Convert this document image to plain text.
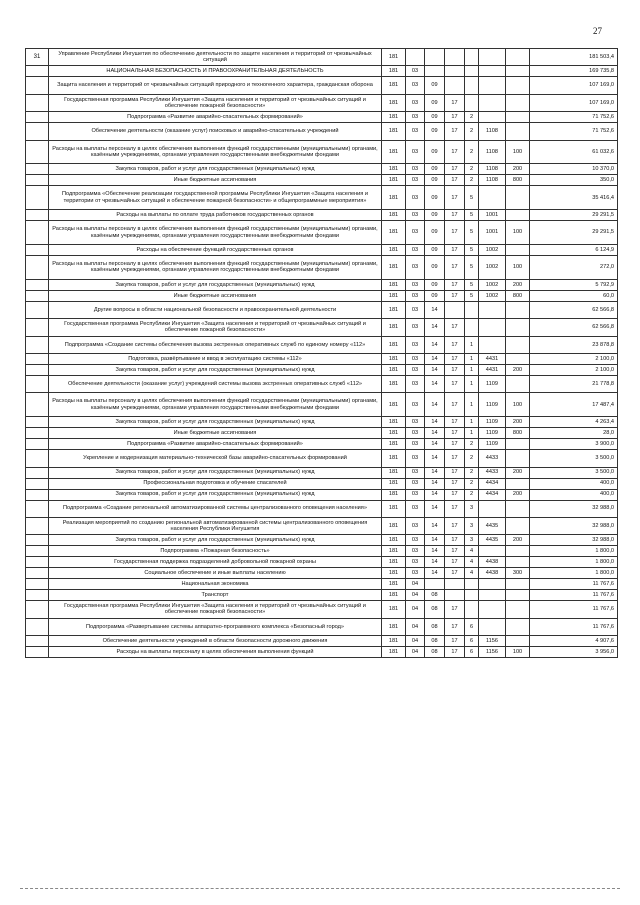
27
31	Управление Республики Ингушетия по обеспечению деятельности по защите населения и территорий от чрезвычайных ситуаций	181							181 503,4
	НАЦИОНАЛЬНАЯ БЕЗОПАСНОСТЬ И ПРАВООХРАНИТЕЛЬНАЯ ДЕЯТЕЛЬНОСТЬ	181	03						169 735,8
	Защита населения и территорий от чрезвычайных ситуаций природного и техногенного характера, гражданская оборона	181	03	09					107 169,0
	Государственная программа Республики Ингушетия «Защита населения и территорий от чрезвычайных ситуаций и обеспечение пожарной безопасности»	181	03	09	17				107 169,0
	Подпрограмма «Развитие аварийно-спасательных формирований»	181	03	09	17	2			71 752,6
	Обеспечение деятельности (оказание услуг) поисковых и аварийно-спасательных учреждений	181	03	09	17	2	1108		71 752,6
	Расходы на выплаты персоналу в целях обеспечения выполнения функций государственными (муниципальными) органами, казёнными учреждениями, органами управления государственными внебюджетными фондами	181	03	09	17	2	1108	100	61 032,6
	Закупка товаров, работ и услуг для государственных (муниципальных) нужд	181	03	09	17	2	1108	200	10 370,0
	Иные бюджетные ассигнования	181	03	09	17	2	1108	800	350,0
	Подпрограмма «Обеспечение реализации государственной программы Республики Ингушетия «Защита населения и территории от чрезвычайных ситуаций и обеспечение пожарной безопасности» и общепрограммные мероприятия»	181	03	09	17	5			35 416,4
	Расходы на выплаты по оплате труда работников государственных органов	181	03	09	17	5	1001		29 291,5
	Расходы на выплаты персоналу в целях обеспечения выполнения функций государственными (муниципальными) органами, казёнными учреждениями, органами управления государственными внебюджетными фондами	181	03	09	17	5	1001	100	29 291,5
	Расходы на обеспечение функций государственных органов	181	03	09	17	5	1002		6 124,9
	Расходы на выплаты персоналу в целях обеспечения выполнения функций государственными (муниципальными) органами, казёнными учреждениями, органами управления государственными внебюджетными фондами	181	03	09	17	5	1002	100	272,0
	Закупка товаров, работ и услуг для государственных (муниципальных) нужд	181	03	09	17	5	1002	200	5 792,9
	Иные бюджетные ассигнования	181	03	09	17	5	1002	800	60,0
	Другие вопросы в области национальной безопасности и правоохранительной деятельности	181	03	14					62 566,8
	Государственная программа Республики Ингушетия «Защита населения и территорий от чрезвычайных ситуаций и обеспечение пожарной безопасности»	181	03	14	17				62 566,8
	Подпрограмма «Создание системы обеспечения вызова экстренных оперативных служб по единому номеру «112»	181	03	14	17	1			23 878,8
	Подготовка, развёртывание и ввод в эксплуатацию системы «112»	181	03	14	17	1	4431		2 100,0
	Закупка товаров, работ и услуг для государственных (муниципальных) нужд	181	03	14	17	1	4431	200	2 100,0
	Обеспечение деятельности (оказание услуг) учреждений системы вызова экстренных оперативных служб «112»	181	03	14	17	1	1109		21 778,8
	Расходы на выплаты персоналу в целях обеспечения выполнения функций государственными (муниципальными) органами, казёнными учреждениями, органами управления государственными внебюджетными фондами	181	03	14	17	1	1109	100	17 487,4
	Закупка товаров, работ и услуг для государственных (муниципальных) нужд	181	03	14	17	1	1109	200	4 263,4
	Иные бюджетные ассигнования	181	03	14	17	1	1109	800	28,0
	Подпрограмма «Развитие аварийно-спасательных формирований»	181	03	14	17	2	1109		3 900,0
	Укрепление и модернизация материально-технической базы аварийно-спасательных формирований	181	03	14	17	2	4433		3 500,0
	Закупка товаров, работ и услуг для государственных (муниципальных) нужд	181	03	14	17	2	4433	200	3 500,0
	Профессиональная подготовка и обучение спасателей	181	03	14	17	2	4434		400,0
	Закупка товаров, работ и услуг для государственных (муниципальных) нужд	181	03	14	17	2	4434	200	400,0
	Подпрограмма «Создание региональной автоматизированной системы централизованного оповещения населения»	181	03	14	17	3			32 988,0
	Реализация мероприятий по созданию региональной автоматизированной системы централизованного оповещения населения Республики Ингушетия	181	03	14	17	3	4435		32 988,0
	Закупка товаров, работ и услуг для государственных (муниципальных) нужд	181	03	14	17	3	4435	200	32 988,0
	Подпрограмма «Пожарная безопасность»	181	03	14	17	4			1 800,0
	Государственная поддержка подразделений добровольной пожарной охраны	181	03	14	17	4	4438		1 800,0
	Социальное обеспечение и иные выплаты населению	181	03	14	17	4	4438	300	1 800,0
	Национальная экономика	181	04						11 767,6
	Транспорт	181	04	08					11 767,6
	Государственная программа Республики Ингушетия «Защита населения и территорий от чрезвычайных ситуаций и обеспечение пожарной безопасности»	181	04	08	17				11 767,6
	Подпрограмма «Развертывание системы аппаратно-программного комплекса «Безопасный город»	181	04	08	17	6			11 767,6
	Обеспечение деятельности учреждений в области безопасности дорожного движения	181	04	08	17	6	1156		4 907,6
	Расходы на выплаты персоналу в целях обеспечения выполнения функций	181	04	08	17	6	1156	100	3 956,0
